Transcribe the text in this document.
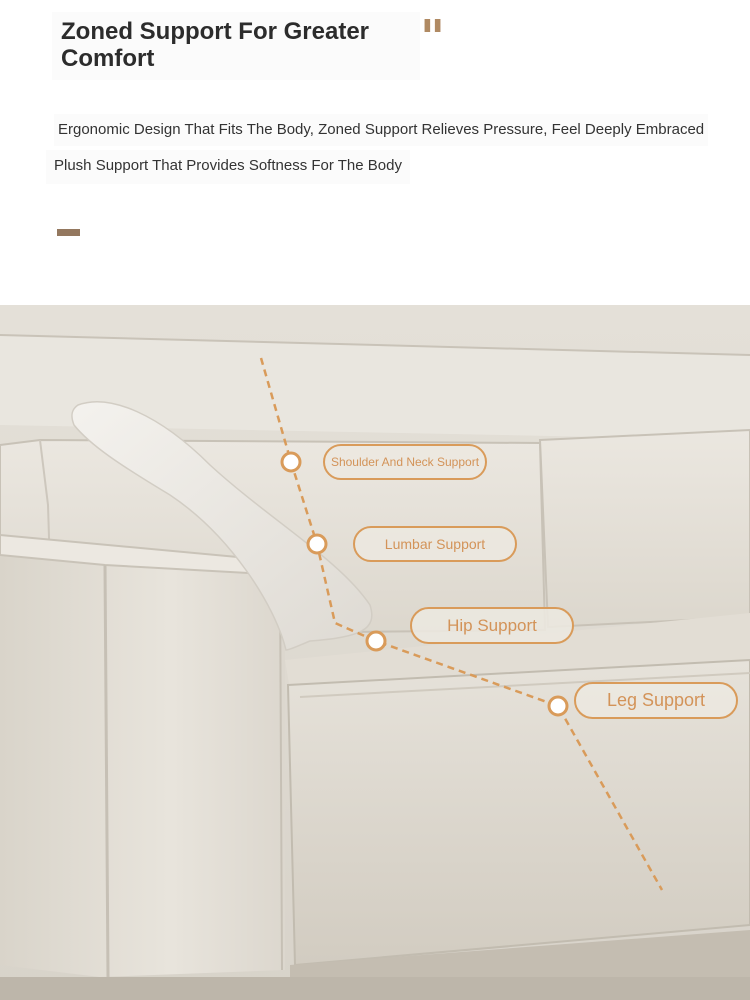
Zoned Support For Greater
Comfort	"
Ergonomic Design That Fits The Body, Zoned Support Relieves Pressure, Feel Deeply Embraced
Plush Support That Provides Softness For The Body
Shoulder And Neck Support
Lumbar Support
Hip Support
Leg Support
